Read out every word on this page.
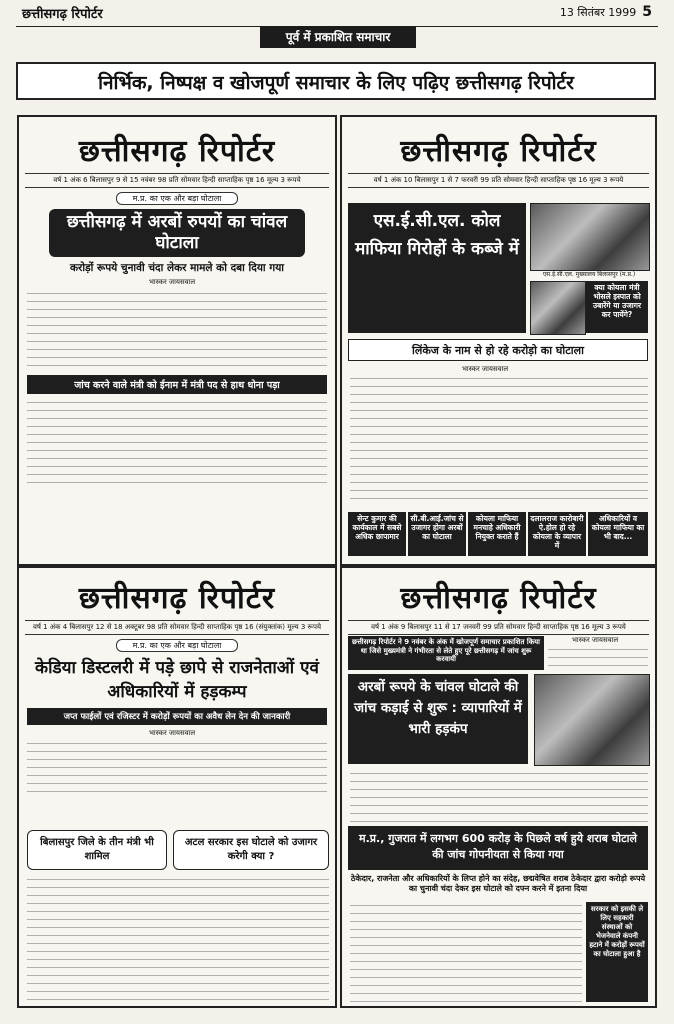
छत्तीसगढ़ रिपोर्टर	13 सितंबर 1999 5
पूर्व में प्रकाशित समाचार
निर्भिक, निष्पक्ष व खोजपूर्ण समाचार के लिए पढ़िए छत्तीसगढ़ रिपोर्टर
छत्तीसगढ़ रिपोर्टर
वर्ष 1 अंक 6 बिलासपुर 9 से 15 नवंबर 98 प्रति सोमवार हिन्दी साप्ताहिक पृष्ठ 16 मूल्य 3 रूपये
म.प्र. का एक और बड़ा घोटाला
छत्तीसगढ़ में अरबों रुपयों का चांवल घोटाला
करोड़ों रूपये चुनावी चंदा लेकर मामले को दबा दिया गया
भास्कर जायसवाल
जांच करने वाले मंत्री को ईनाम में मंत्री पद से हाथ धोना पड़ा
छत्तीसगढ़ रिपोर्टर
वर्ष 1 अंक 10 बिलासपुर 1 से 7 फरवरी 99 प्रति सोमवार हिन्दी साप्ताहिक पृष्ठ 16 मूल्य 3 रूपये
एस.ई.सी.एल. कोल माफिया गिरोहों के कब्जे में
एस.ई.सी.एल. मुख्यालय बिलासपुर (म.प्र.)
क्या कोयला मंत्री भोसले इस्पात को उबारेंगे या उजागर कर पायेंगे?
लिंकेज के नाम से हो रहे करोड़ो का घोटाला
भास्कर जायसवाल
सेन्ट कुमार की कार्यकाल में सबसे अधिक छापामार
सी.बी.आई.जांच से उजागर होगा अरबों का घोटाला
कोयला माफिया मनचाहे अधिकारी नियुक्त कराते हैं
दलालराज कारोबारी ऐ.होल हो रहे कोयला के व्यापार में
अधिकारियों व कोयला माफिया का भी बाद...
छत्तीसगढ़ रिपोर्टर
वर्ष 1 अंक 4 बिलासपुर 12 से 18 अक्टूबर 98 प्रति सोमवार हिन्दी साप्ताहिक पृष्ठ 16 (संयुक्तांक) मूल्य 3 रूपये
म.प्र. का एक और बड़ा घोटाला
केडिया डिस्टलरी में पड़े छापे से राजनेताओं एवं अधिकारियों में हड़कम्प
जप्त फाईलों एवं रजिस्टर में करोड़ों रूपयों का अवैध लेन देन की जानकारी
भास्कर जायसवाल
बिलासपुर जिले के तीन मंत्री भी शामिल
अटल सरकार इस घोटाले को उजागर करेगी क्या ?
छत्तीसगढ़ रिपोर्टर
वर्ष 1 अंक 9 बिलासपुर 11 से 17 जनवरी 99 प्रति सोमवार हिन्दी साप्ताहिक पृष्ठ 16 मूल्य 3 रूपये
छत्तीसगढ़ रिपोर्टर ने 9 नवंबर के अंक में खोजपूर्ण समाचार प्रकाशित किया था जिसे मुख्यमंत्री ने गंभीरता से लेते हुए पूरे छत्तीसगढ़ में जांच शुरू करवायी
भास्कर जायसवाल
अरबों रूपये के चांवल घोटाले की जांच कड़ाई से शुरू : व्यापारियों में भारी हड़कंप
म.प्र., गुजरात में लगभग 600 करोड़ के पिछले वर्ष हुये शराब घोटाले की जांच गोपनीयता से किया गया
ठेकेदार, राजनेता और अधिकारियों के लिप्त होने का संदेह, छद्मवेषित शराब ठेकेदार द्वारा करोड़ो रूपये का चुनावी चंदा देकर इस घोटाले को दफ्न करने में इतना दिया
सरकार को इसकी ले लिए सहकारी संस्थाओं को भेजनेवाले कंपनी हटाने में करोड़ों रूपयों का घोटाला हुआ है
